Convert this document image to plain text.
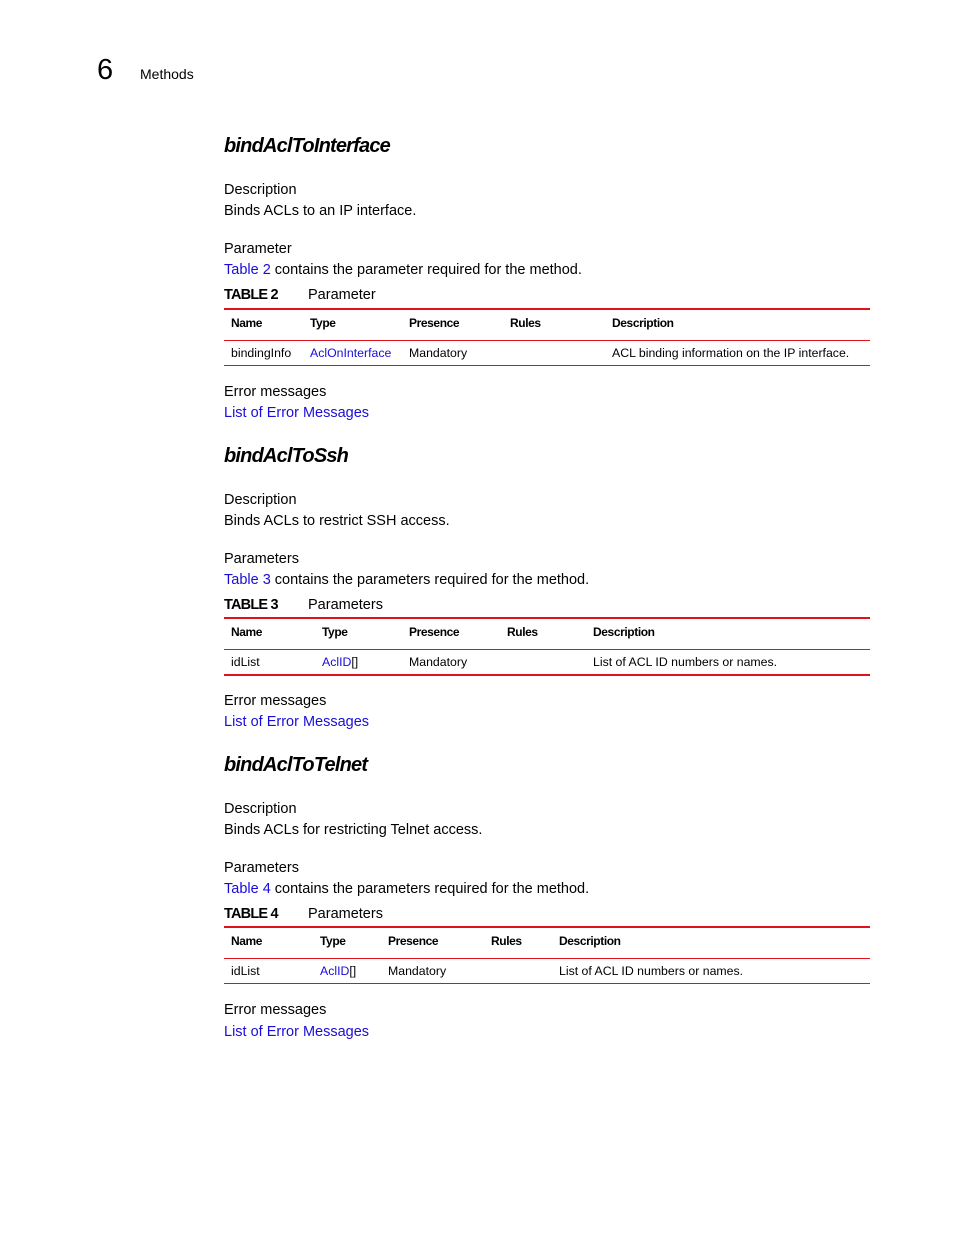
6 Methods
bindAclToInterface
Description
Binds ACLs to an IP interface.
Parameter
Table 2 contains the parameter required for the method.
TABLE 2 Parameter
Name	Type	Presence	Rules	Description
bindingInfo	AclOnInterface	Mandatory		ACL binding information on the IP interface.
Error messages
List of Error Messages
bindAclToSsh
Description
Binds ACLs to restrict SSH access.
Parameters
Table 3 contains the parameters required for the method.
TABLE 3 Parameters
Name	Type	Presence	Rules	Description
idList	AclID[]	Mandatory		List of ACL ID numbers or names.
Error messages
List of Error Messages
bindAclToTelnet
Description
Binds ACLs for restricting Telnet access.
Parameters
Table 4 contains the parameters required for the method.
TABLE 4 Parameters
Name	Type	Presence	Rules	Description
idList	AclID[]	Mandatory		List of ACL ID numbers or names.
Error messages
List of Error Messages
